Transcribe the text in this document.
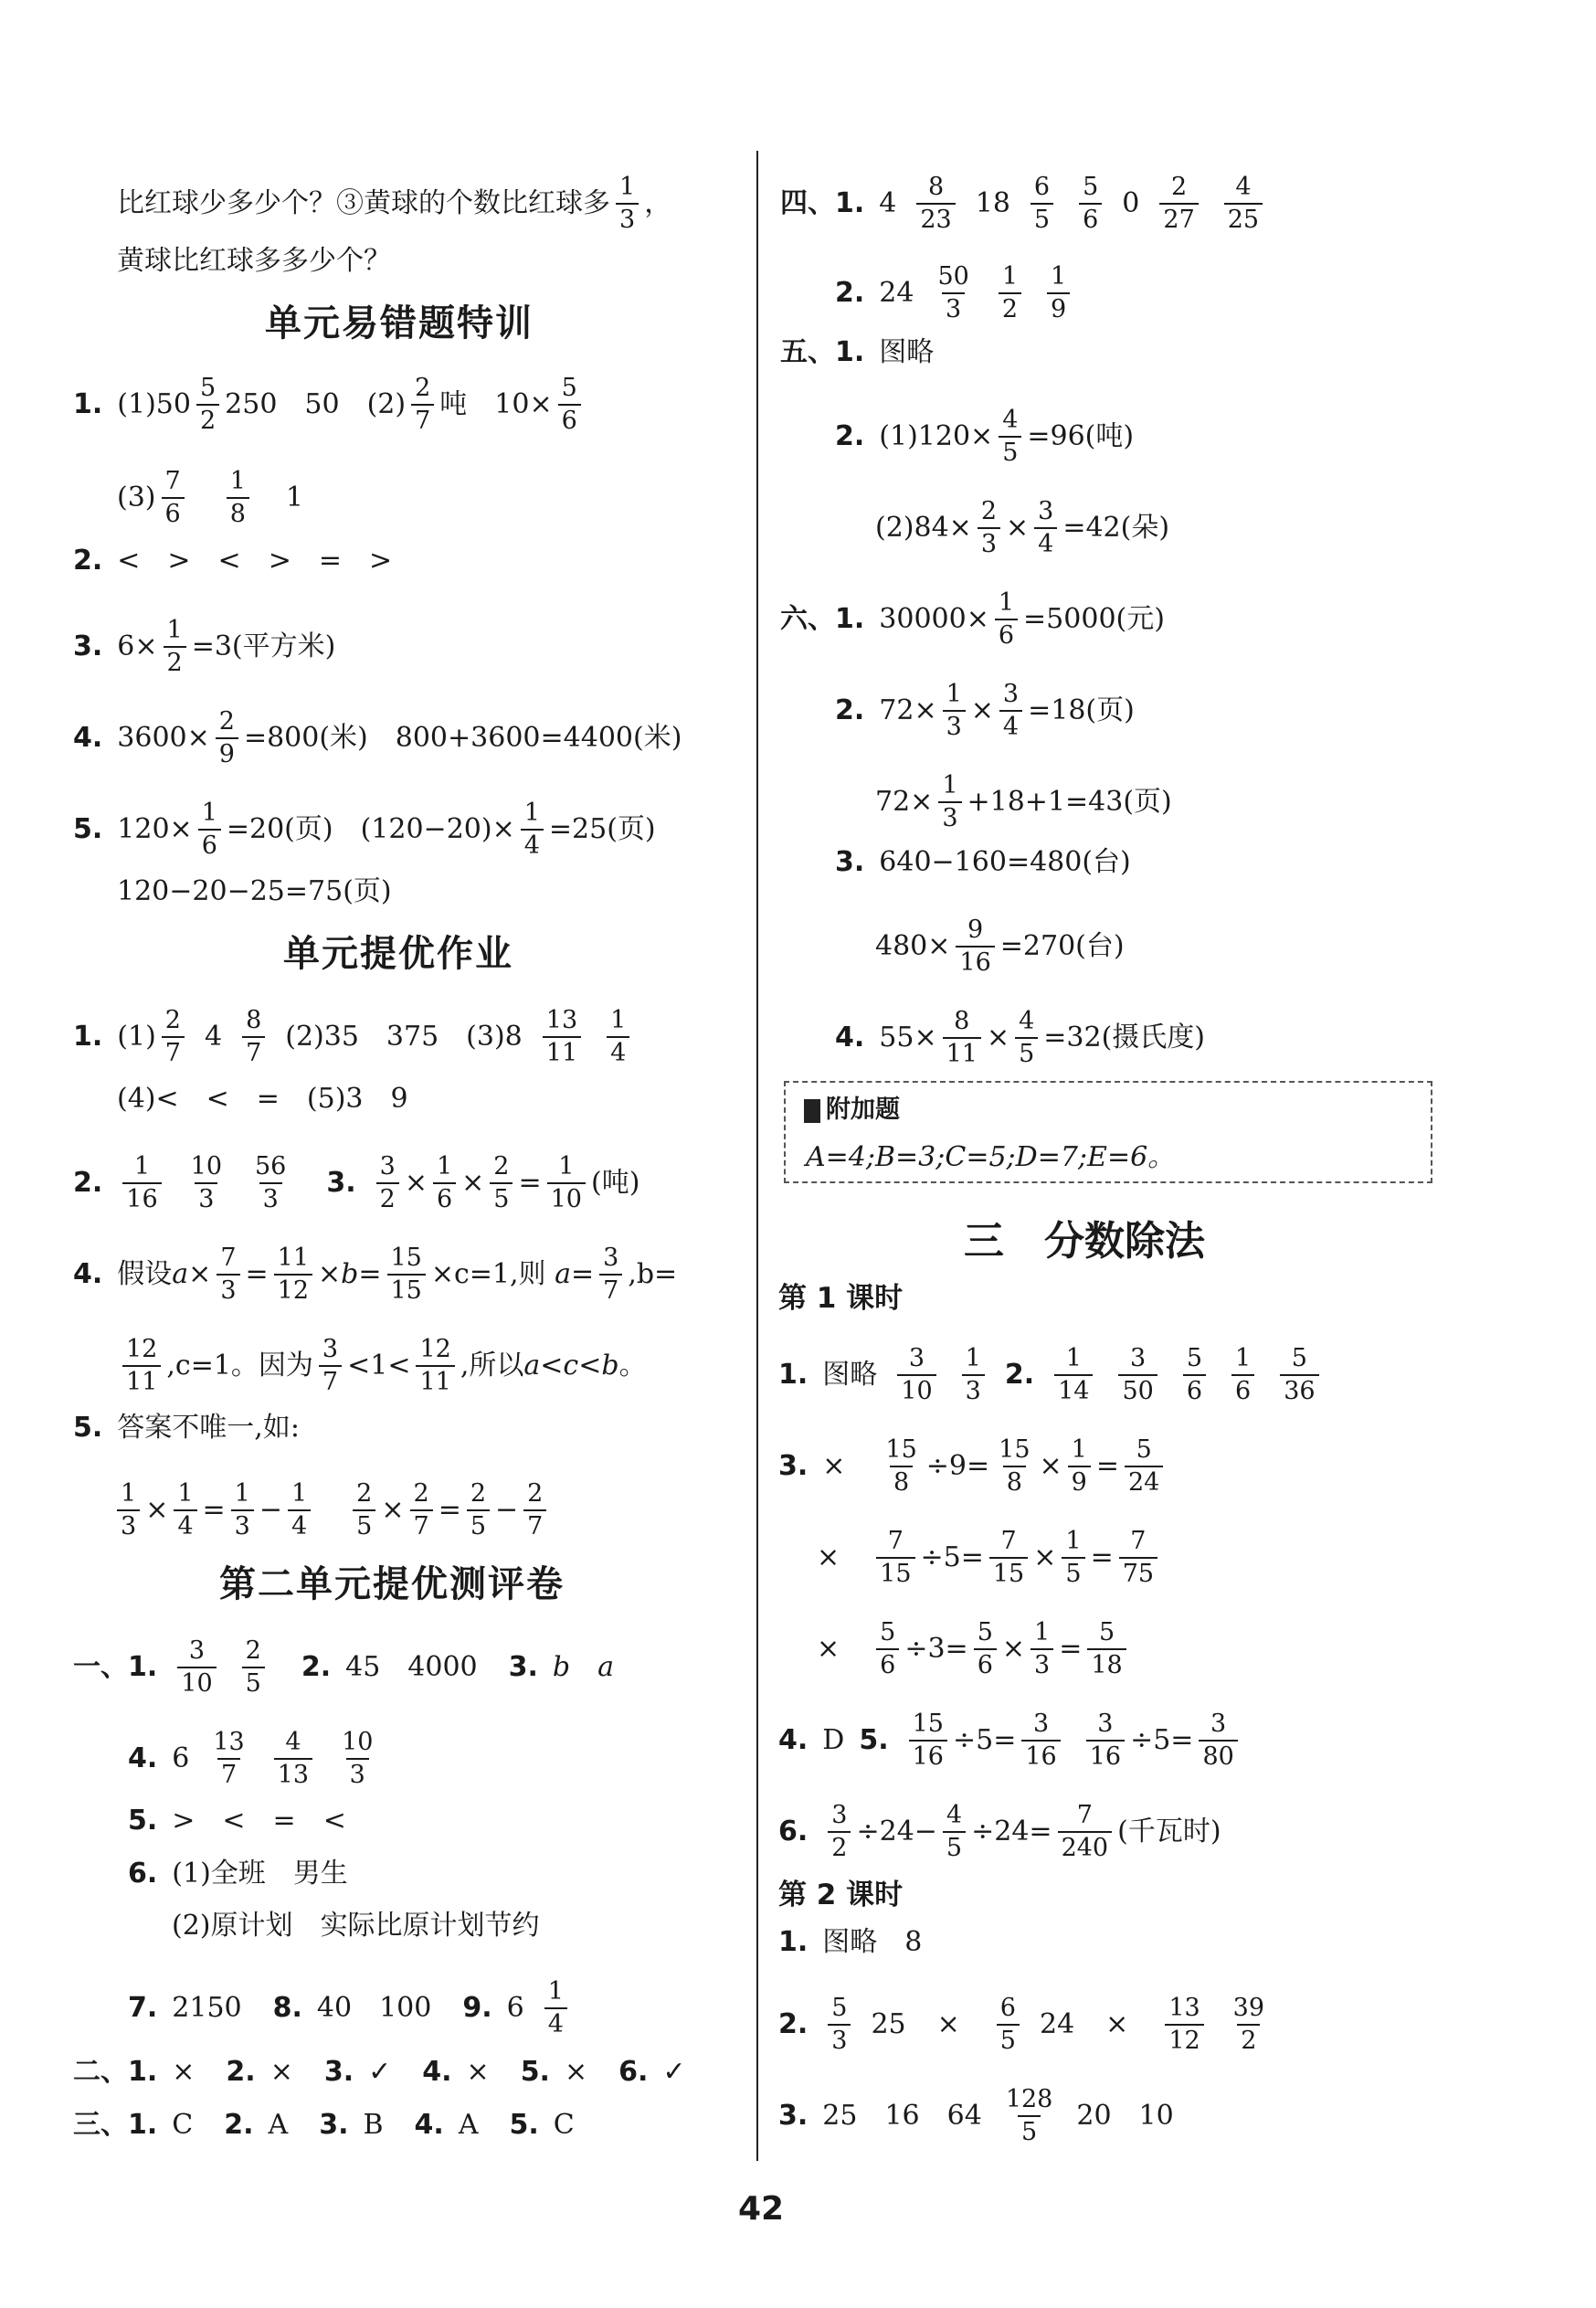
比红球少多少个？③黄球的个数比红球多 $\frac{1}{3}$ ，
黄球比红球多多少个？
单元易错题特训
1. $(1)50 \frac{5}{2} 250$　50　$(2) \frac{2}{7}$ 吨　$10\times \frac{5}{6}$
$(3) \frac{7}{6} \frac{1}{8} 1$
2. <　>　<　>　=　>
3. $6\times \frac{1}{2} =3$(平方米)
4. $3600\times \frac{2}{9} =800$(米)　800+3600=4400(米)
5. $120\times \frac{1}{6} =20$(页)　$(120-20)\times \frac{1}{4} =25$(页)
120−20−25=75(页)
单元提优作业
1. $(1) \frac{2}{7} 4 \frac{8}{7} (2)35$　375　$(3)8 \frac{13}{11} \frac{1}{4}$
(4)<　<　=　(5)3　9
2. $\frac{1}{16} \frac{10}{3} \frac{56}{3} 3$. $\frac{3}{2} \times \frac{1}{6} \times \frac{2}{5} = \frac{1}{10}$ (吨)
4. 假设$a\times \frac{7}{3} = \frac{11}{12} \times b= \frac{15}{15} \times c=1$,则 $a= \frac{3}{7} ,b=$
$\frac{12}{11} ,c=1$。因为 $\frac{3}{7} <1< \frac{12}{11}$ ,所以a<c<b。
5. 答案不唯一,如:
$\frac{1}{3} \times \frac{1}{4} = \frac{1}{3} - \frac{1}{4} \frac{2}{5} \times \frac{2}{7} = \frac{2}{5} - \frac{2}{7}$
第二单元提优测评卷
一、1. $\frac{3}{10} \frac{2}{5} 2$. 45　4000 3. b　a
4. $6 \frac{13}{7} \frac{4}{13} \frac{10}{3}$
5. >　<　=　<
6. (1)全班　男生
(2)原计划　实际比原计划节约
7. 2150 8. 40　100 9. $6 \frac{1}{4}$
二、1. × 2. × 3. ✓ 4. × 5. × 6. ✓
三、1. C 2. A 3. B 4. A 5. C
四、1. $4 \frac{8}{23} 18 \frac{6}{5} \frac{5}{6} 0 \frac{2}{27} \frac{4}{25}$
2. $24 \frac{50}{3} \frac{1}{2} \frac{1}{9}$
五、1. 图略
2. $(1)120\times \frac{4}{5} =96$(吨)
$(2)84\times \frac{2}{3} \times \frac{3}{4} =42$(朵)
六、1. $30000\times \frac{1}{6} =5000$(元)
2. $72\times \frac{1}{3} \times \frac{3}{4} =18$(页)
$72\times \frac{1}{3} +18+1=43$(页)
3. 640−160=480(台)
$480\times \frac{9}{16} =270$(台)
4. $55\times \frac{8}{11} \times \frac{4}{5} =32$(摄氏度)
附加题
A=4;B=3;C=5;D=7;E=6。
三　分数除法
第 1 课时
1. 图略 $\frac{3}{10} \frac{1}{3} 2$. $\frac{1}{14} \frac{3}{50} \frac{5}{6} \frac{1}{6} \frac{5}{36}$
3. × $\frac{15}{8} \div 9= \frac{15}{8} \times \frac{1}{9} = \frac{5}{24}$
× $\frac{7}{15} \div 5= \frac{7}{15} \times \frac{1}{5} = \frac{7}{75}$
× $\frac{5}{6} \div 3= \frac{5}{6} \times \frac{1}{3} = \frac{5}{18}$
4. D 5. $\frac{15}{16} \div 5= \frac{3}{16} \frac{3}{16} \div 5= \frac{3}{80}$
6. $\frac{3}{2} \div 24- \frac{4}{5} \div 24= \frac{7}{240}$ (千瓦时)
第 2 课时
1. 图略　8
2. $\frac{5}{3} 25 \times \frac{6}{5} 24 \times \frac{13}{12} \frac{39}{2}$
3. 25　16　$64 \frac{128}{5} 20$　10
42
